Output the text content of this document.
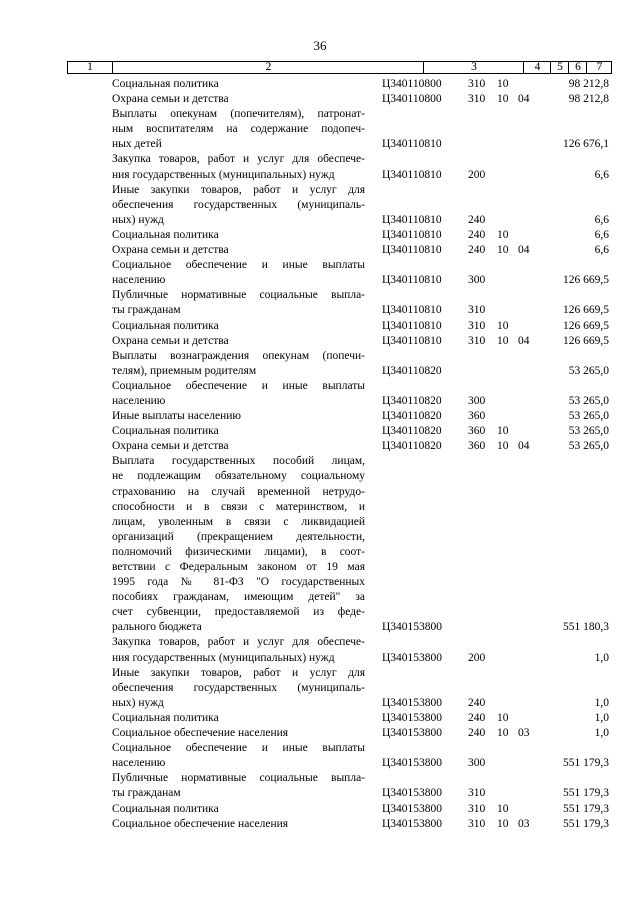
36
1	2	3	4	5	6	7
Социальная политика	Ц340110800 310 10	98 212,8
Охрана семьи и детства	Ц340110800 310 10 04	98 212,8
Выплаты опекунам (попечителям), патронат-
ным воспитателям на содержание подопеч-
ных детей	Ц340110810	126 676,1
Закупка товаров, работ и услуг для обеспече-
ния государственных (муниципальных) нужд	Ц340110810 200	6,6
Иные закупки товаров, работ и услуг для
обеспечения государственных (муниципаль-
ных) нужд	Ц340110810 240	6,6
Социальная политика	Ц340110810 240 10	6,6
Охрана семьи и детства	Ц340110810 240 10 04	6,6
Социальное обеспечение и иные выплаты
населению	Ц340110810 300	126 669,5
Публичные нормативные социальные выпла-
ты гражданам	Ц340110810 310	126 669,5
Социальная политика	Ц340110810 310 10	126 669,5
Охрана семьи и детства	Ц340110810 310 10 04	126 669,5
Выплаты вознаграждения опекунам (попечи-
телям), приемным родителям	Ц340110820	53 265,0
Социальное обеспечение и иные выплаты
населению	Ц340110820 300	53 265,0
Иные выплаты населению	Ц340110820 360	53 265,0
Социальная политика	Ц340110820 360 10	53 265,0
Охрана семьи и детства	Ц340110820 360 10 04	53 265,0
Выплата государственных пособий лицам,
не подлежащим обязательному социальному
страхованию на случай временной нетрудо-
способности и в связи с материнством, и
лицам, уволенным в связи с ликвидацией
организаций (прекращением деятельности,
полномочий физическими лицами), в соот-
ветствии с Федеральным законом от 19 мая
1995 года № 81-ФЗ "О государственных
пособиях гражданам, имеющим детей" за
счет субвенции, предоставляемой из феде-
рального бюджета	Ц340153800	551 180,3
Закупка товаров, работ и услуг для обеспече-
ния государственных (муниципальных) нужд	Ц340153800 200	1,0
Иные закупки товаров, работ и услуг для
обеспечения государственных (муниципаль-
ных) нужд	Ц340153800 240	1,0
Социальная политика	Ц340153800 240 10	1,0
Социальное обеспечение населения	Ц340153800 240 10 03	1,0
Социальное обеспечение и иные выплаты
населению	Ц340153800 300	551 179,3
Публичные нормативные социальные выпла-
ты гражданам	Ц340153800 310	551 179,3
Социальная политика	Ц340153800 310 10	551 179,3
Социальное обеспечение населения	Ц340153800 310 10 03	551 179,3
